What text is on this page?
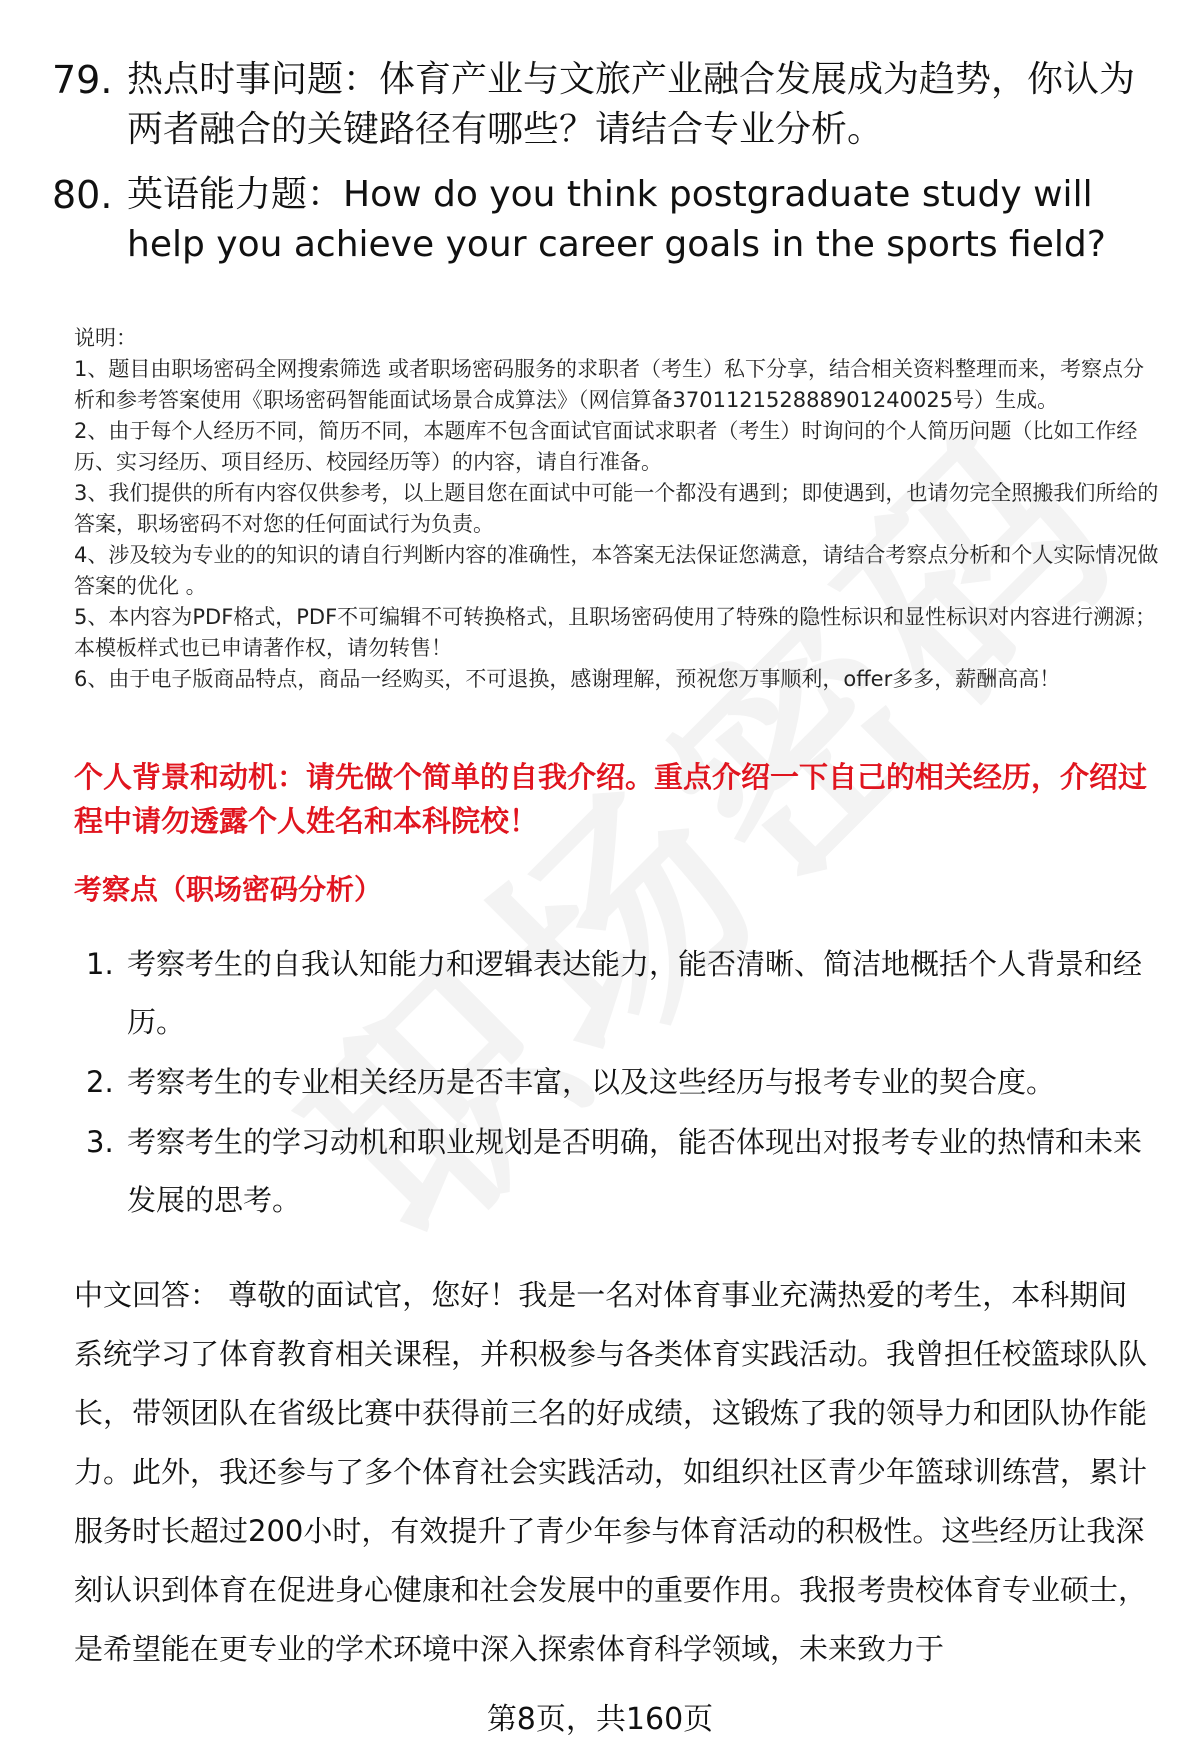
79. 热点时事问题：体育产业与文旅产业融合发展成为趋势，你认为两者融合的关键路径有哪些？请结合专业分析。
80. 英语能力题：How do you think postgraduate study will help you achieve your career goals in the sports field?
说明：
1、题目由职场密码全网搜索筛选 或者职场密码服务的求职者（考生）私下分享，结合相关资料整理而来，考察点分析和参考答案使用《职场密码智能面试场景合成算法》（网信算备370112152888901240025号）生成。
2、由于每个人经历不同，简历不同，本题库不包含面试官面试求职者（考生）时询问的个人简历问题（比如工作经历、实习经历、项目经历、校园经历等）的内容，请自行准备。
3、我们提供的所有内容仅供参考，以上题目您在面试中可能一个都没有遇到；即使遇到，也请勿完全照搬我们所给的答案，职场密码不对您的任何面试行为负责。
4、涉及较为专业的的知识的请自行判断内容的准确性，本答案无法保证您满意，请结合考察点分析和个人实际情况做答案的优化 。
5、本内容为PDF格式，PDF不可编辑不可转换格式，且职场密码使用了特殊的隐性标识和显性标识对内容进行溯源；本模板样式也已申请著作权，请勿转售！
6、由于电子版商品特点，商品一经购买，不可退换，感谢理解，预祝您万事顺利，offer多多，薪酬高高！
个人背景和动机：请先做个简单的自我介绍。重点介绍一下自己的相关经历，介绍过程中请勿透露个人姓名和本科院校！
考察点（职场密码分析）
1. 考察考生的自我认知能力和逻辑表达能力，能否清晰、简洁地概括个人背景和经历。
2. 考察考生的专业相关经历是否丰富，以及这些经历与报考专业的契合度。
3. 考察考生的学习动机和职业规划是否明确，能否体现出对报考专业的热情和未来发展的思考。
中文回答： 尊敬的面试官，您好！我是一名对体育事业充满热爱的考生，本科期间系统学习了体育教育相关课程，并积极参与各类体育实践活动。我曾担任校篮球队队长，带领团队在省级比赛中获得前三名的好成绩，这锻炼了我的领导力和团队协作能力。此外，我还参与了多个体育社会实践活动，如组织社区青少年篮球训练营，累计服务时长超过200小时，有效提升了青少年参与体育活动的积极性。这些经历让我深刻认识到体育在促进身心健康和社会发展中的重要作用。我报考贵校体育专业硕士，是希望能在更专业的学术环境中深入探索体育科学领域，未来致力于
第8页，共160页
